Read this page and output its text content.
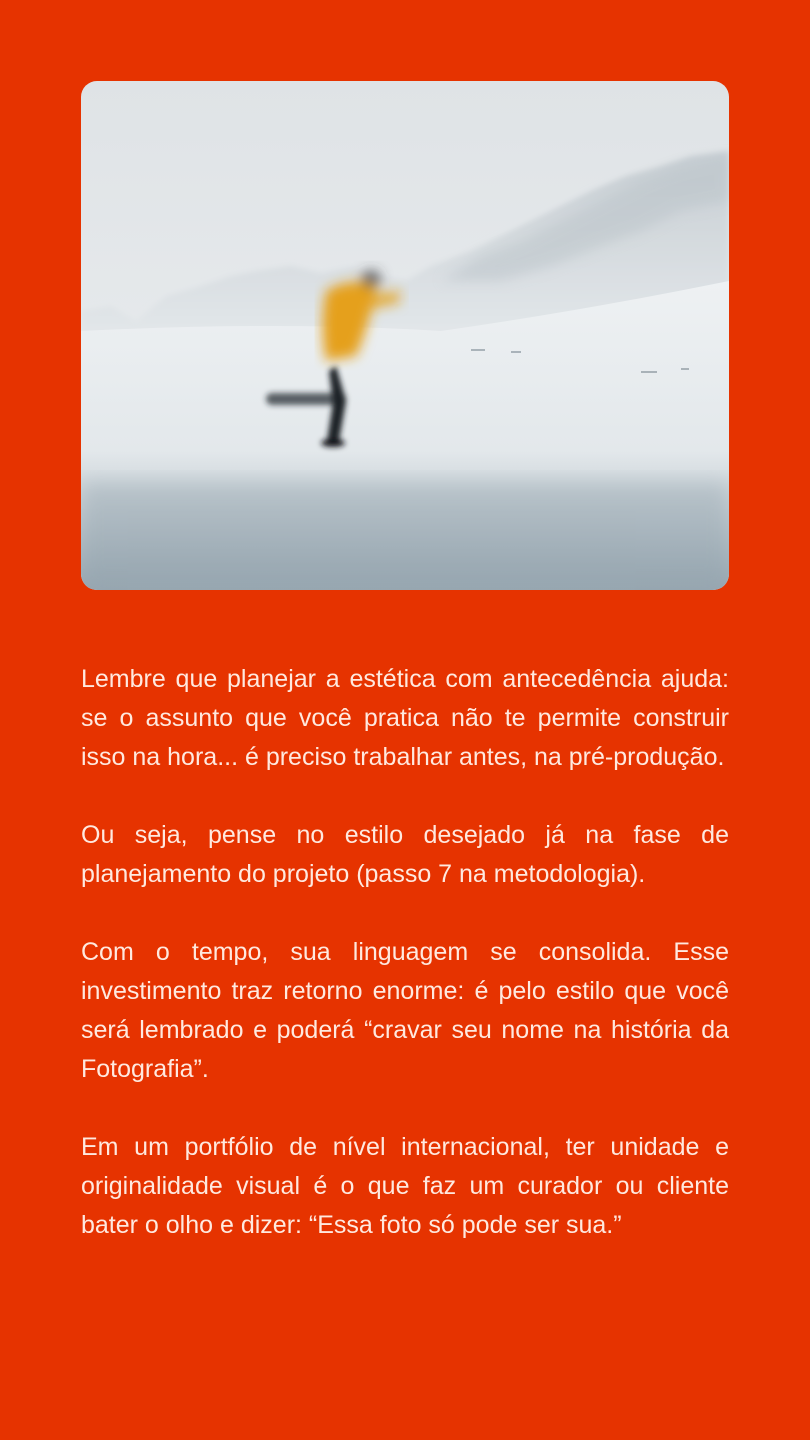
Lembre que planejar a estética com antecedência ajuda: se o assunto que você pratica não te permite construir isso na hora... é preciso trabalhar antes, na pré-produção.

Ou seja, pense no estilo desejado já na fase de planejamento do projeto (passo 7 na metodologia).

Com o tempo, sua linguagem se consolida. Esse investimento traz retorno enorme: é pelo estilo que você será lembrado e poderá “cravar seu nome na história da Fotografia”.

Em um portfólio de nível internacional, ter unidade e originalidade visual é o que faz um curador ou cliente bater o olho e dizer: “Essa foto só pode ser sua.”
